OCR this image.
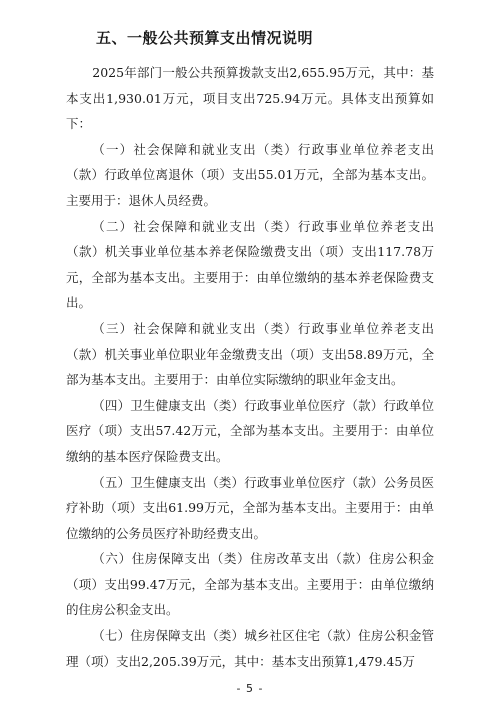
五、一般公共预算支出情况说明

2025年部门一般公共预算拨款支出2,655.95万元，其中：基本支出1,930.01万元，项目支出725.94万元。具体支出预算如下：

（一）社会保障和就业支出（类）行政事业单位养老支出（款）行政单位离退休（项）支出55.01万元，全部为基本支出。主要用于：退休人员经费。

（二）社会保障和就业支出（类）行政事业单位养老支出（款）机关事业单位基本养老保险缴费支出（项）支出117.78万元，全部为基本支出。主要用于：由单位缴纳的基本养老保险费支出。

（三）社会保障和就业支出（类）行政事业单位养老支出（款）机关事业单位职业年金缴费支出（项）支出58.89万元，全部为基本支出。主要用于：由单位实际缴纳的职业年金支出。

（四）卫生健康支出（类）行政事业单位医疗（款）行政单位医疗（项）支出57.42万元，全部为基本支出。主要用于：由单位缴纳的基本医疗保险费支出。

（五）卫生健康支出（类）行政事业单位医疗（款）公务员医疗补助（项）支出61.99万元，全部为基本支出。主要用于：由单位缴纳的公务员医疗补助经费支出。

（六）住房保障支出（类）住房改革支出（款）住房公积金（项）支出99.47万元，全部为基本支出。主要用于：由单位缴纳的住房公积金支出。

（七）住房保障支出（类）城乡社区住宅（款）住房公积金管理（项）支出2,205.39万元，其中：基本支出预算1,479.45万

- 5 -
